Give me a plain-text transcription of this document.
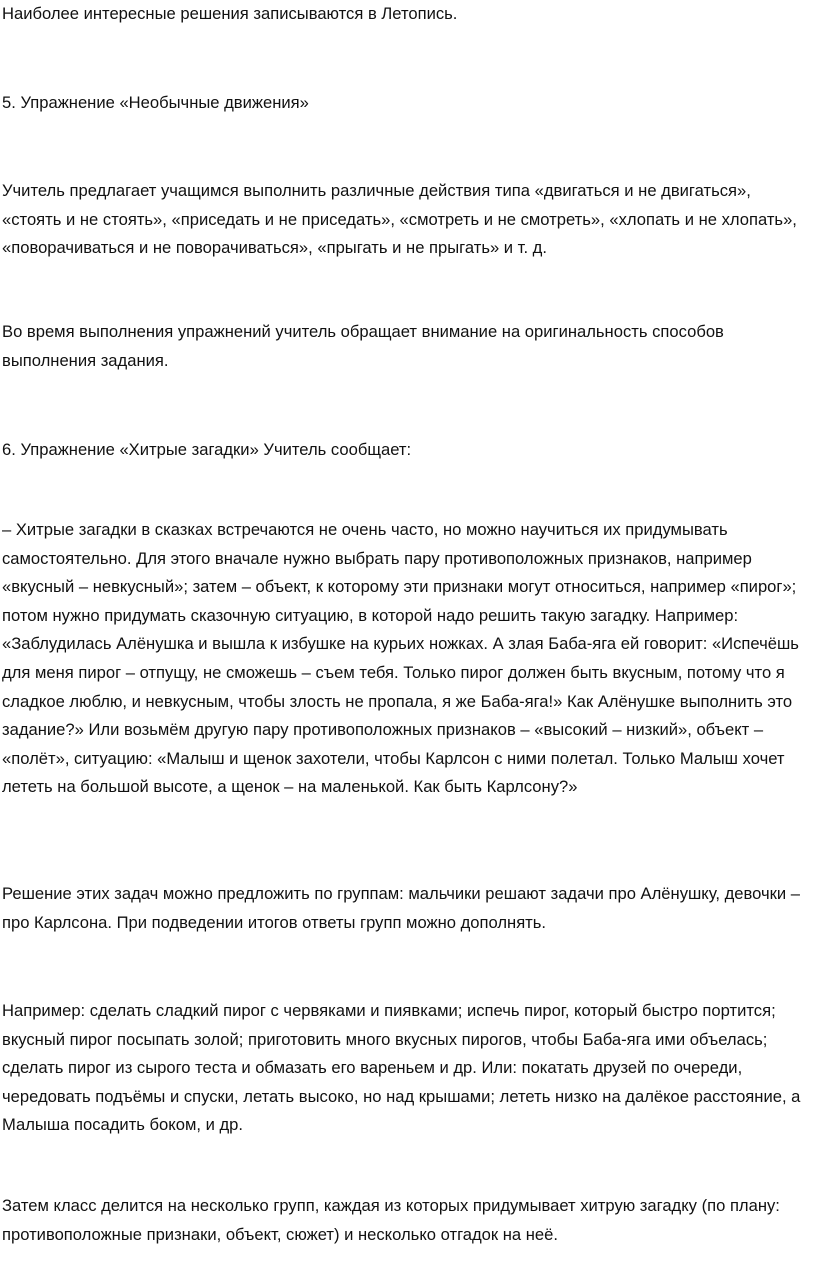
Наиболее интересные решения записываются в Летопись.

5. Упражнение «Необычные движения»

Учитель предлагает учащимся выполнить различные действия типа «двигаться и не двигаться», «стоять и не стоять», «приседать и не приседать», «смотреть и не смотреть», «хлопать и не хлопать», «поворачиваться и не поворачиваться», «прыгать и не прыгать» и т. д.

Во время выполнения упражнений учитель обращает внимание на оригинальность способов выполнения задания.

6. Упражнение «Хитрые загадки» Учитель сообщает:

– Хитрые загадки в сказках встречаются не очень часто, но можно научиться их придумывать самостоятельно. Для этого вначале нужно выбрать пару противоположных признаков, например «вкусный – невкусный»; затем – объект, к которому эти признаки могут относиться, например «пирог»; потом нужно придумать сказочную ситуацию, в которой надо решить такую загадку. Например: «Заблудилась Алёнушка и вышла к избушке на курьих ножках. А злая Баба-яга ей говорит: «Испечёшь для меня пирог – отпущу, не сможешь – съем тебя. Только пирог должен быть вкусным, потому что я сладкое люблю, и невкусным, чтобы злость не пропала, я же Баба-яга!» Как Алёнушке выполнить это задание?» Или возьмём другую пару противоположных признаков – «высокий – низкий», объект – «полёт», ситуацию: «Малыш и щенок захотели, чтобы Карлсон с ними полетал. Только Малыш хочет лететь на большой высоте, а щенок – на маленькой. Как быть Карлсону?»

Решение этих задач можно предложить по группам: мальчики решают задачи про Алёнушку, девочки – про Карлсона. При подведении итогов ответы групп можно дополнять.

Например: сделать сладкий пирог с червяками и пиявками; испечь пирог, который быстро портится; вкусный пирог посыпать золой; приготовить много вкусных пирогов, чтобы Баба-яга ими объелась; сделать пирог из сырого теста и обмазать его вареньем и др. Или: покатать друзей по очереди, чередовать подъёмы и спуски, летать высоко, но над крышами; лететь низко на далёкое расстояние, а Малыша посадить боком, и др.

Затем класс делится на несколько групп, каждая из которых придумывает хитрую загадку (по плану: противоположные признаки, объект, сюжет) и несколько отгадок на неё.
